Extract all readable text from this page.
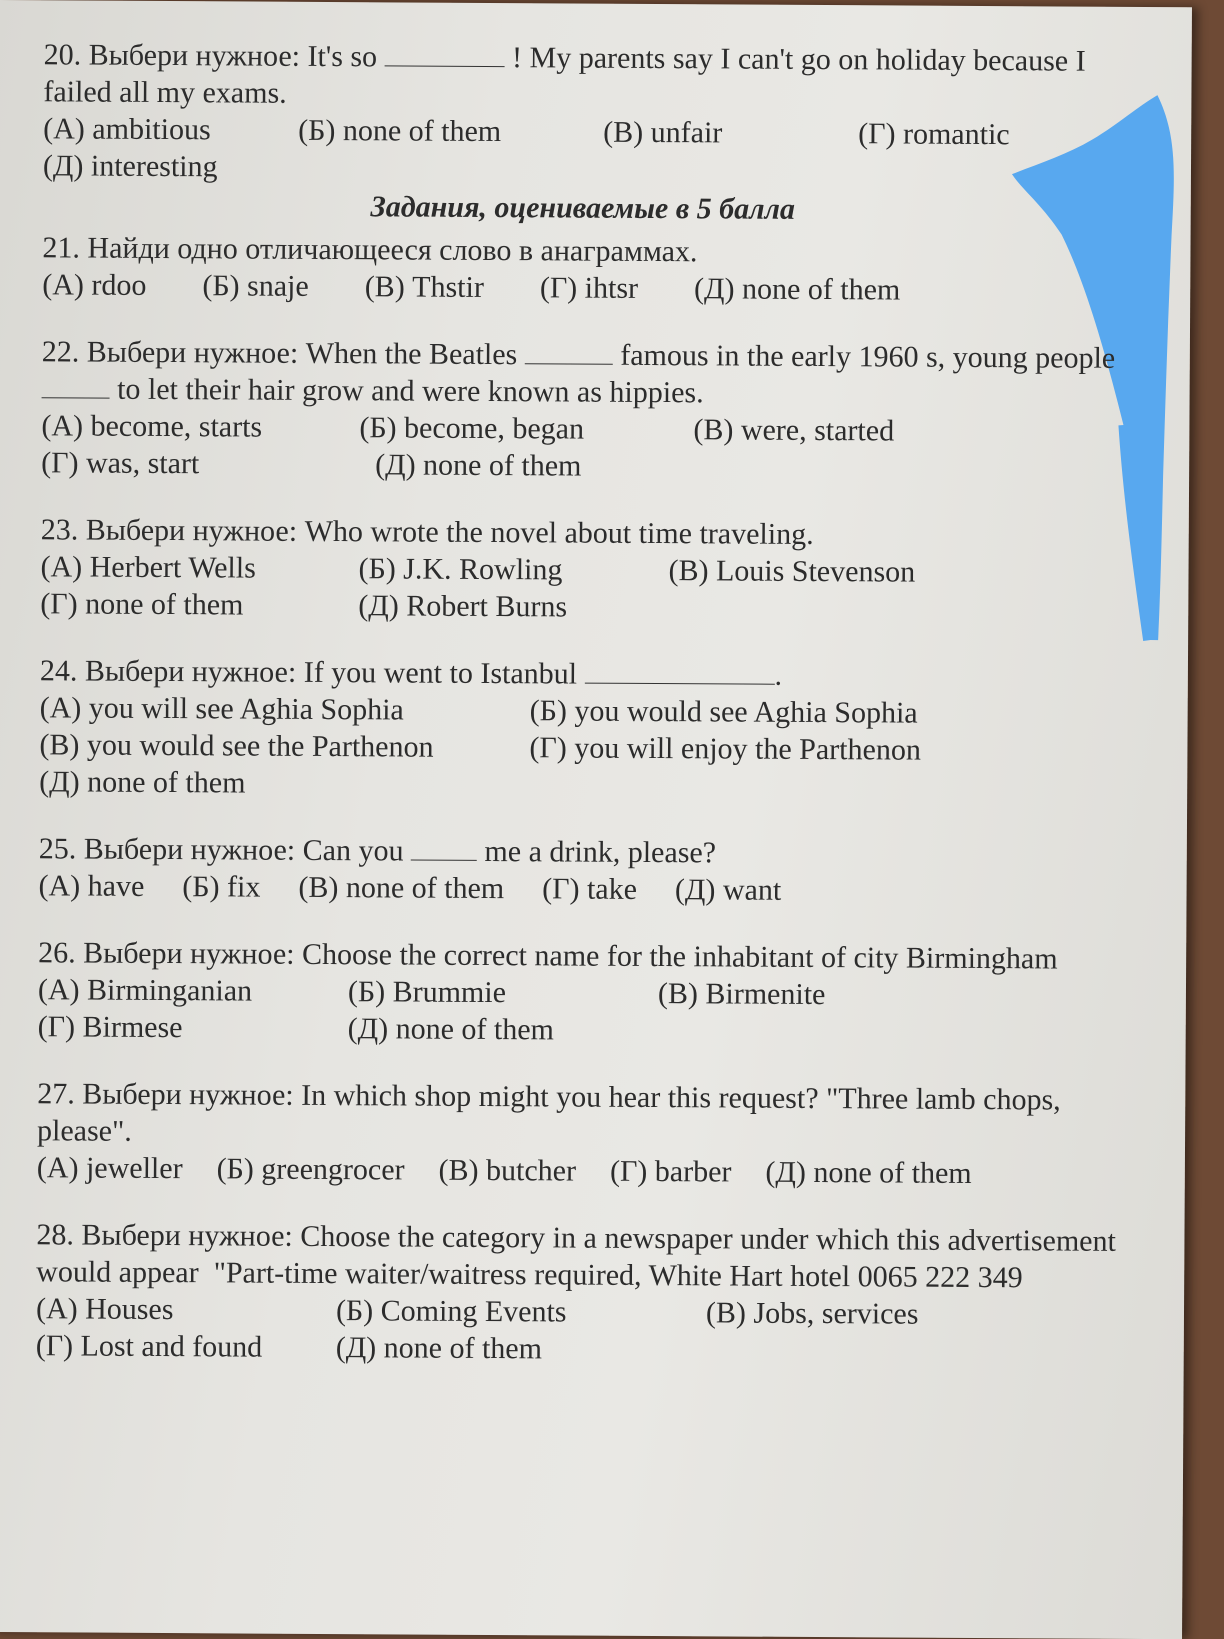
20. Выбери нужное: It's so	! My parents say I can't go on holiday because I failed all my exams.
(А) ambitious	(Б) none of them	(В) unfair	(Г) romantic
(Д) interesting
Задания, оцениваемые в 5 балла
21. Найди одно отличающееся слово в анаграммах.
(А) rdoo (Б) snaje (В) Thstir (Г) ihtsr (Д) none of them
22. Выбери нужное: When the Beatles	famous in the early 1960 s, young people  to let their hair grow and were known as hippies.
(А) become, starts	(Б) become, began	(В) were, started
(Г) was, start	(Д) none of them
23. Выбери нужное: Who wrote the novel about time traveling.
(А) Herbert Wells	(Б) J.K. Rowling	(В) Louis Stevenson
(Г) none of them	(Д) Robert Burns
24. Выбери нужное: If you went to Istanbul	.
(А) you will see Aghia Sophia	(Б) you would see Aghia Sophia
(В) you would see the Parthenon	(Г) you will enjoy the Parthenon
(Д) none of them
25. Выбери нужное: Can you  me a drink, please?
(А) have (Б) fix (В) none of them (Г) take (Д) want
26. Выбери нужное: Choose the correct name for the inhabitant of city Birmingham
(А) Birminganian	(Б) Brummie	(В) Birmenite
(Г) Birmese	(Д) none of them
27. Выбери нужное: In which shop might you hear this request? "Three lamb chops, please".
(А) jeweller (Б) greengrocer (В) butcher (Г) barber (Д) none of them
28. Выбери нужное: Choose the category in a newspaper under which this advertisement  would appear  "Part-time waiter/waitress required, White Hart hotel 0065 222 349
(А) Houses	(Б) Coming Events	(В) Jobs, services
(Г) Lost and found	(Д) none of them
